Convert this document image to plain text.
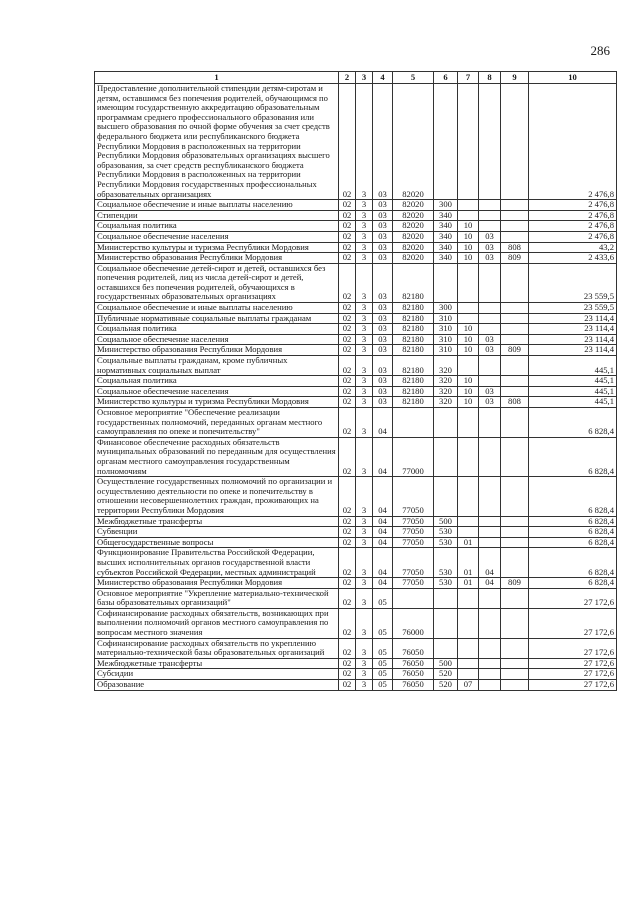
286
1	2	3	4	5	6	7	8	9	10
Предоставление дополнительной стипендии детям-сиротам и детям, оставшимся без попечения родителей, обучающимся по имеющим государственную аккредитацию образовательным программам среднего профессионального образования или высшего образования по очной форме обучения за счет средств федерального бюджета или республиканского бюджета Республики Мордовия в расположенных на территории Республики Мордовия образовательных организациях высшего образования, за счет средств республиканского бюджета Республики Мордовия в расположенных на территории Республики Мордовия государственных профессиональных образовательных организациях	02	3	03	82020					2 476,8
Социальное обеспечение и иные выплаты населению	02	3	03	82020	300				2 476,8
Стипендии	02	3	03	82020	340				2 476,8
Социальная политика	02	3	03	82020	340	10			2 476,8
Социальное обеспечение населения	02	3	03	82020	340	10	03		2 476,8
Министерство культуры и туризма Республики Мордовия	02	3	03	82020	340	10	03	808	43,2
Министерство образования Республики Мордовия	02	3	03	82020	340	10	03	809	2 433,6
Социальное обеспечение детей-сирот и детей, оставшихся без попечения родителей, лиц из числа детей-сирот и детей, оставшихся без попечения родителей, обучающихся в государственных образовательных организациях	02	3	03	82180					23 559,5
Социальное обеспечение и иные выплаты населению	02	3	03	82180	300				23 559,5
Публичные нормативные социальные выплаты гражданам	02	3	03	82180	310				23 114,4
Социальная политика	02	3	03	82180	310	10			23 114,4
Социальное обеспечение населения	02	3	03	82180	310	10	03		23 114,4
Министерство образования Республики Мордовия	02	3	03	82180	310	10	03	809	23 114,4
Социальные выплаты гражданам, кроме публичных нормативных социальных выплат	02	3	03	82180	320				445,1
Социальная политика	02	3	03	82180	320	10			445,1
Социальное обеспечение населения	02	3	03	82180	320	10	03		445,1
Министерство культуры и туризма Республики Мордовия	02	3	03	82180	320	10	03	808	445,1
Основное мероприятие "Обеспечение реализации государственных полномочий, переданных органам местного самоуправления по опеке и попечительству"	02	3	04						6 828,4
Финансовое обеспечение расходных обязательств муниципальных образований по переданным для осуществления органам местного самоуправления государственным полномочиям	02	3	04	77000					6 828,4
Осуществление государственных полномочий по организации и осуществлению деятельности по опеке и попечительству в отношении несовершеннолетних граждан, проживающих на территории Республики Мордовия	02	3	04	77050					6 828,4
Межбюджетные трансферты	02	3	04	77050	500				6 828,4
Субвенции	02	3	04	77050	530				6 828,4
Общегосударственные вопросы	02	3	04	77050	530	01			6 828,4
Функционирование Правительства Российской Федерации, высших исполнительных органов государственной власти субъектов Российской Федерации, местных администраций	02	3	04	77050	530	01	04		6 828,4
Министерство образования Республики Мордовия	02	3	04	77050	530	01	04	809	6 828,4
Основное мероприятие "Укрепление материально-технической базы образовательных организаций"	02	3	05						27 172,6
Софинансирование расходных обязательств, возникающих при выполнении полномочий органов местного самоуправления по вопросам местного значения	02	3	05	76000					27 172,6
Софинансирование расходных обязательств по укреплению материально-технической базы образовательных организаций	02	3	05	76050					27 172,6
Межбюджетные трансферты	02	3	05	76050	500				27 172,6
Субсидии	02	3	05	76050	520				27 172,6
Образование	02	3	05	76050	520	07			27 172,6
